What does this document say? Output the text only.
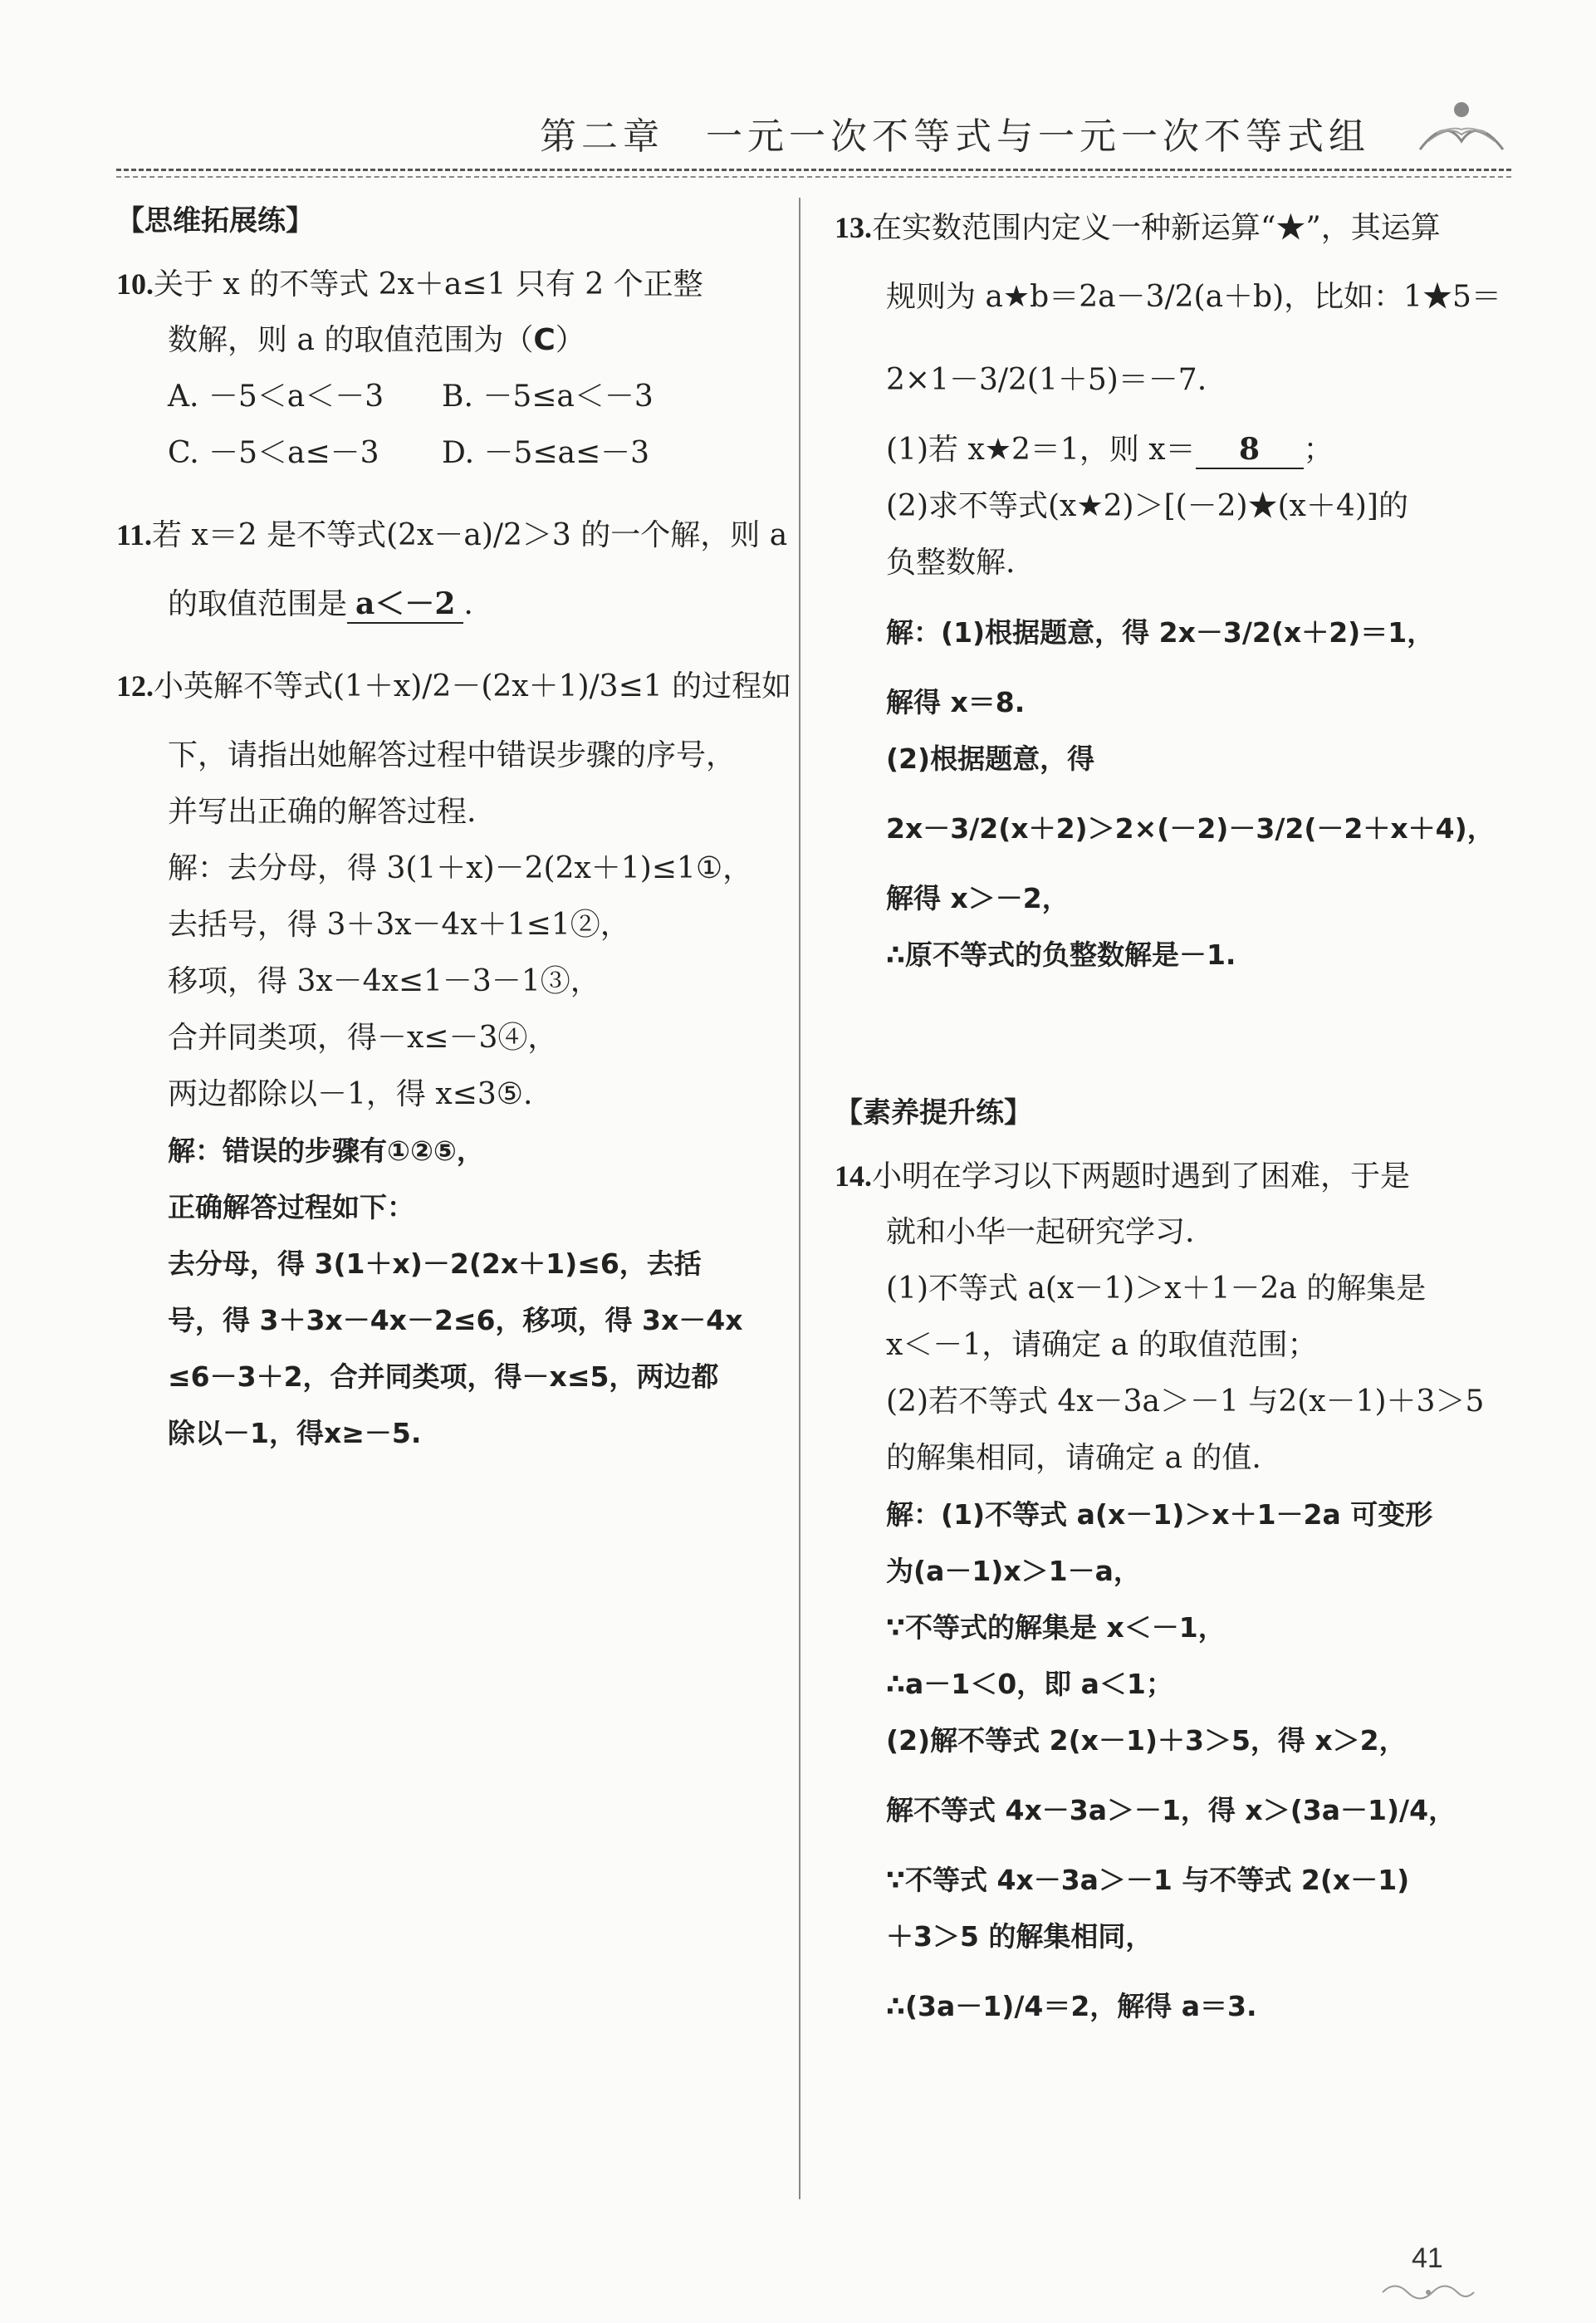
第二章　一元一次不等式与一元一次不等式组
【思维拓展练】
10.关于 x 的不等式 2x＋a≤1 只有 2 个正整
数解，则 a 的取值范围为（C）
A. －5＜a＜－3 B. －5≤a＜－3
C. －5＜a≤－3 D. －5≤a≤－3
11.若 x＝2 是不等式(2x－a)/2＞3 的一个解，则 a
的取值范围是 a＜－2 .
12.小英解不等式(1＋x)/2－(2x＋1)/3≤1 的过程如
下，请指出她解答过程中错误步骤的序号，
并写出正确的解答过程.
解：去分母，得 3(1＋x)－2(2x＋1)≤1①，
去括号，得 3＋3x－4x＋1≤1②，
移项，得 3x－4x≤1－3－1③，
合并同类项，得－x≤－3④，
两边都除以－1，得 x≤3⑤.
解：错误的步骤有①②⑤，
正确解答过程如下：
去分母，得 3(1＋x)－2(2x＋1)≤6，去括
号，得 3＋3x－4x－2≤6，移项，得 3x－4x
≤6－3＋2，合并同类项，得－x≤5，两边都
除以－1，得x≥－5.
13.在实数范围内定义一种新运算“★”，其运算
规则为 a★b＝2a－3/2(a＋b)，比如：1★5＝
2×1－3/2(1＋5)＝－7.
(1)若 x★2＝1，则 x＝ 8 ；
(2)求不等式(x★2)＞[(－2)★(x＋4)]的
负整数解.
解：(1)根据题意，得 2x－3/2(x＋2)＝1，
解得 x＝8.
(2)根据题意，得
2x－3/2(x＋2)＞2×(－2)－3/2(－2＋x＋4)，
解得 x＞－2，
∴原不等式的负整数解是－1.
【素养提升练】
14.小明在学习以下两题时遇到了困难，于是
就和小华一起研究学习.
(1)不等式 a(x－1)＞x＋1－2a 的解集是
x＜－1，请确定 a 的取值范围；
(2)若不等式 4x－3a＞－1 与2(x－1)＋3＞5
的解集相同，请确定 a 的值.
解：(1)不等式 a(x－1)＞x＋1－2a 可变形
为(a－1)x＞1－a，
∵不等式的解集是 x＜－1，
∴a－1＜0，即 a＜1；
(2)解不等式 2(x－1)＋3＞5，得 x＞2，
解不等式 4x－3a＞－1，得 x＞(3a－1)/4，
∵不等式 4x－3a＞－1 与不等式 2(x－1)
＋3＞5 的解集相同，
∴(3a－1)/4＝2，解得 a＝3.
41
